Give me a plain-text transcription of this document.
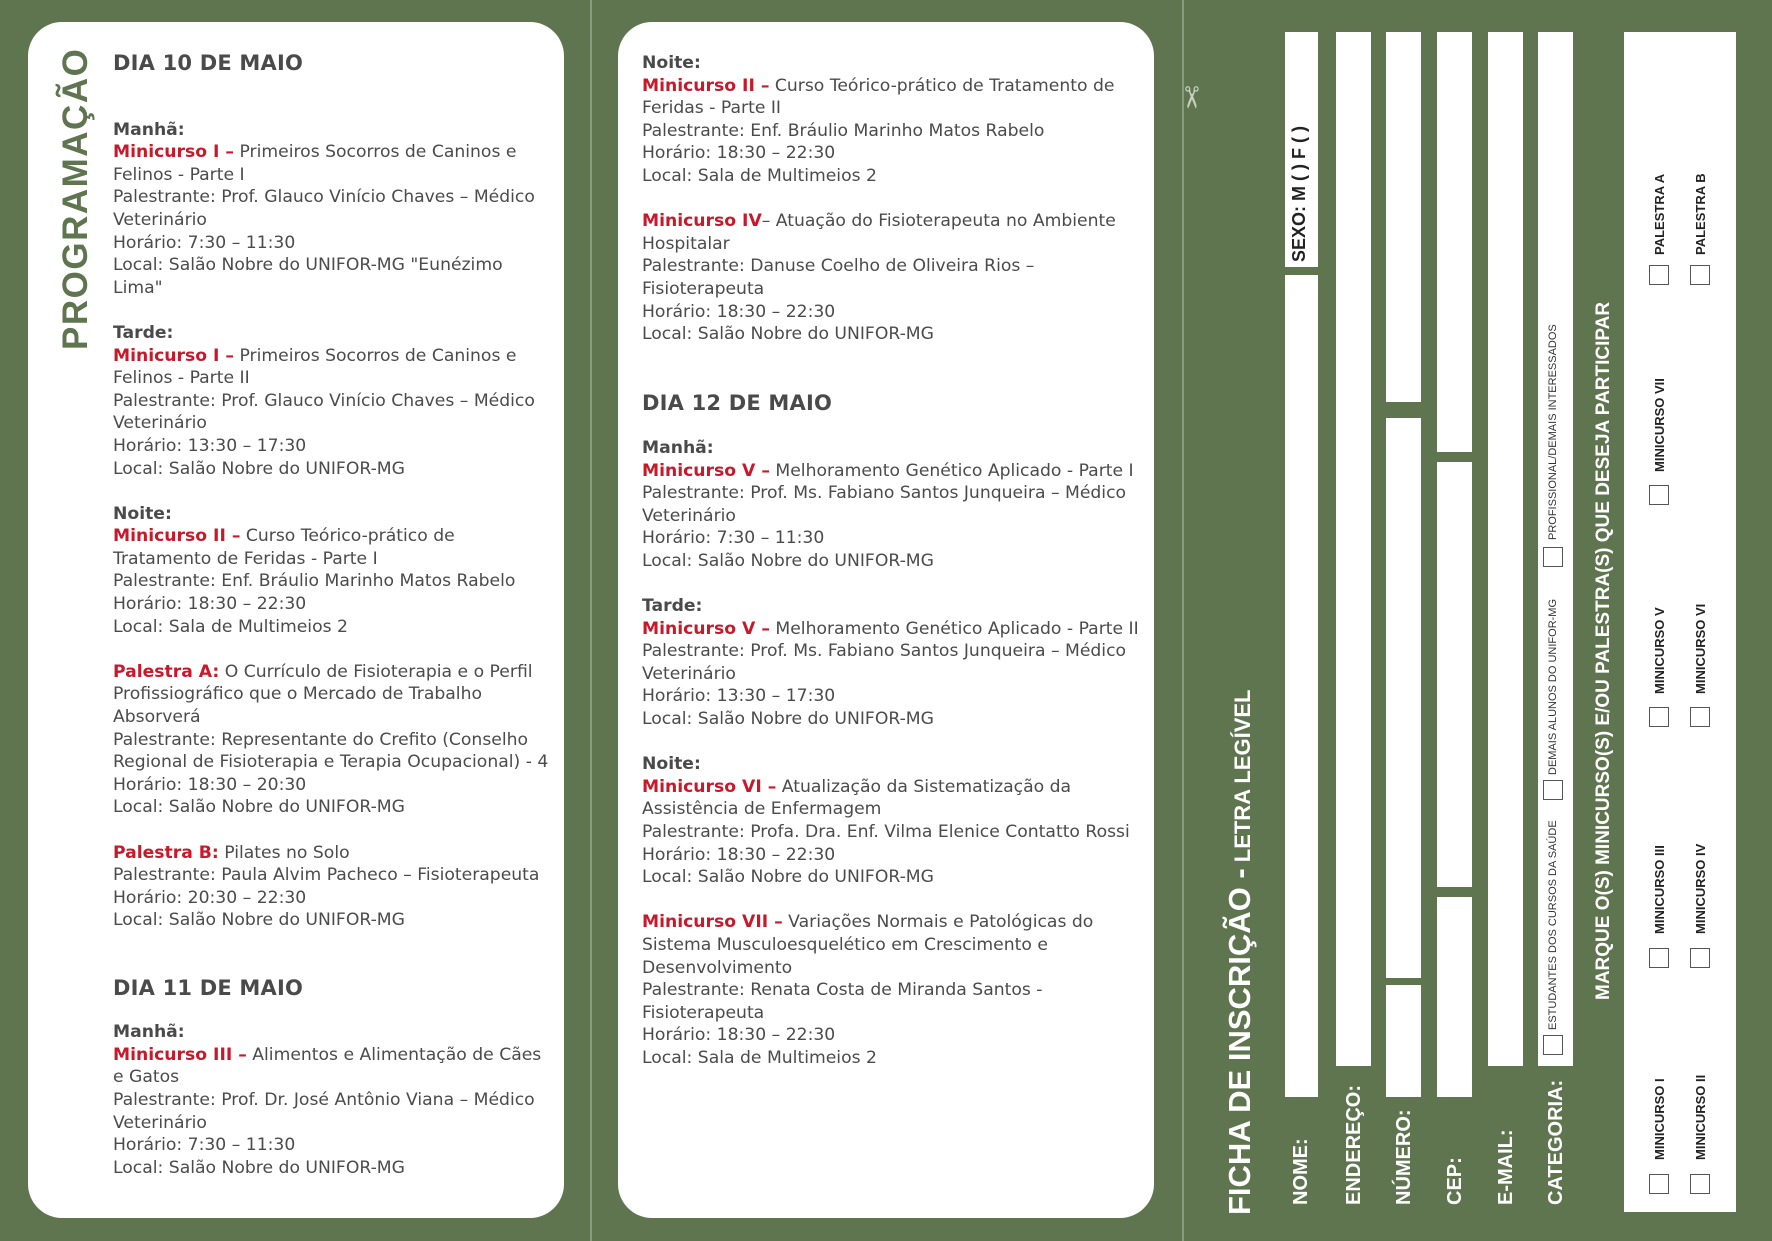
PROGRAMAÇÃO DIA 10 DE MAIO

Manhã:

Minicurso I – Primeiros Socorros de Caninos e Felinos - Parte I

Palestrante: Prof. Glauco Vinício Chaves – Médico Veterinário

Horário: 7:30 – 11:30

Local: Salão Nobre do UNIFOR-MG "Eunézimo Lima"

Tarde:

Minicurso I – Primeiros Socorros de Caninos e Felinos - Parte II

Palestrante: Prof. Glauco Vinício Chaves – Médico Veterinário

Horário: 13:30 – 17:30

Local: Salão Nobre do UNIFOR-MG

Noite:

Minicurso II – Curso Teórico-prático de Tratamento de Feridas - Parte I

Palestrante: Enf. Bráulio Marinho Matos Rabelo

Horário: 18:30 – 22:30

Local: Sala de Multimeios 2

Palestra A: O Currículo de Fisioterapia e o Perfil Profissiográfico que o Mercado de Trabalho Absorverá

Palestrante: Representante do Crefito (Conselho Regional de Fisioterapia e Terapia Ocupacional) - 4

Horário: 18:30 – 20:30

Local: Salão Nobre do UNIFOR-MG

Palestra B: Pilates no Solo

Palestrante: Paula Alvim Pacheco – Fisioterapeuta

Horário: 20:30 – 22:30

Local: Salão Nobre do UNIFOR-MG

DIA 11 DE MAIO

Manhã:

Minicurso III – Alimentos e Alimentação de Cães e Gatos

Palestrante: Prof. Dr. José Antônio Viana – Médico Veterinário

Horário: 7:30 – 11:30

Local: Salão Nobre do UNIFOR-MG

Noite:

Minicurso II – Curso Teórico-prático de Tratamento de Feridas - Parte II

Palestrante: Enf. Bráulio Marinho Matos Rabelo

Horário: 18:30 – 22:30

Local: Sala de Multimeios 2

Minicurso IV– Atuação do Fisioterapeuta no Ambiente Hospitalar

Palestrante: Danuse Coelho de Oliveira Rios – Fisioterapeuta

Horário: 18:30 – 22:30

Local: Salão Nobre do UNIFOR-MG

DIA 12 DE MAIO

Manhã:

Minicurso V – Melhoramento Genético Aplicado - Parte I

Palestrante: Prof. Ms. Fabiano Santos Junqueira – Médico Veterinário

Horário: 7:30 – 11:30

Local: Salão Nobre do UNIFOR-MG

Tarde:

Minicurso V – Melhoramento Genético Aplicado - Parte II

Palestrante: Prof. Ms. Fabiano Santos Junqueira – Médico Veterinário

Horário: 13:30 – 17:30

Local: Salão Nobre do UNIFOR-MG

Noite:

Minicurso VI – Atualização da Sistematização da Assistência de Enfermagem

Palestrante: Profa. Dra. Enf. Vilma Elenice Contatto Rossi

Horário: 18:30 – 22:30

Local: Salão Nobre do UNIFOR-MG

Minicurso VII – Variações Normais e Patológicas do Sistema Musculoesquelético em Crescimento e Desenvolvimento

Palestrante: Renata Costa de Miranda Santos - Fisioterapeuta

Horário: 18:30 – 22:30

Local: Sala de Multimeios 2

✂
FICHA DE INSCRIÇÃO -LETRA LEGÍVEL
SEXO: M ( ) F ( )
NOME: ENDEREÇO:
COMPLEMENTO:
BAIRRO:
NÚMERO:
CEL.:
TEL.:
CEP: E-MAIL: CATEGORIA:
ESTUDANTES DOS CURSOS DA SAÚDE
DEMAIS ALUNOS DO UNIFOR-MG
PROFISSIONAL/DEMAIS INTERESSADOS MARQUE O(S) MINICURSO(S) E/OU PALESTRA(S) QUE DESEJA PARTICIPAR
MINICURSO I MINICURSO II
MINICURSO III MINICURSO IV
MINICURSO V MINICURSO VI
MINICURSO VII
PALESTRA A PALESTRA B
